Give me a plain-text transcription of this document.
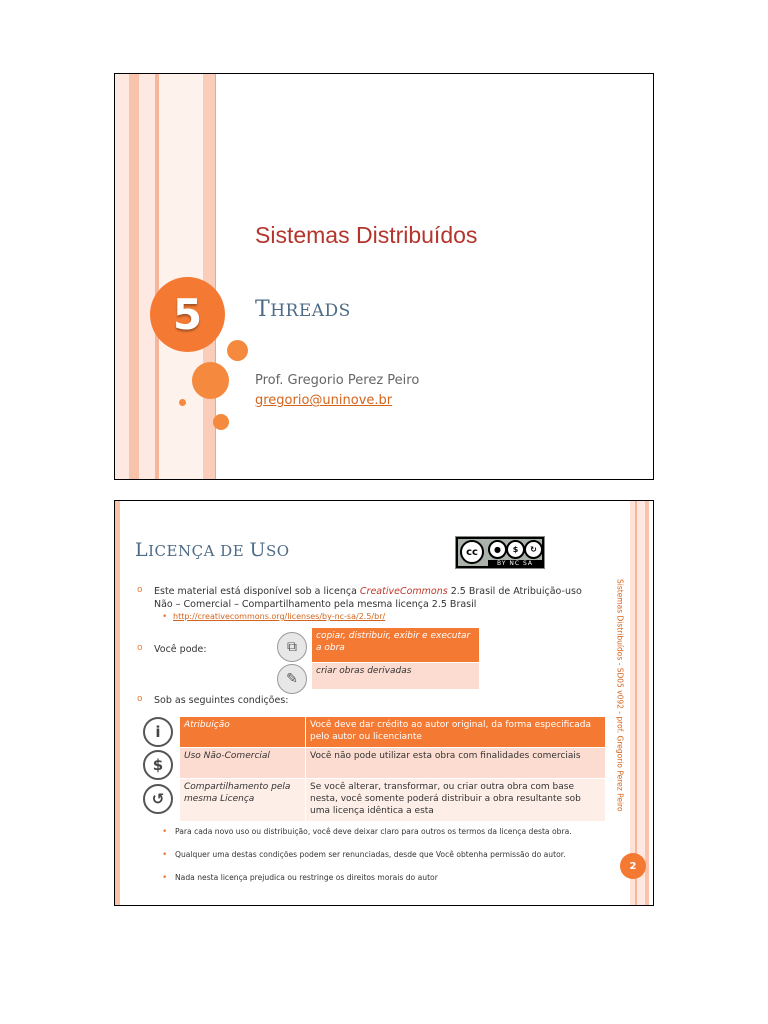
5
Sistemas Distribuídos
THREADS
Prof. Gregorio Perez Peiro
gregorio@uninove.br
LICENÇA DE USO	cc	●	$	↻
BY NC SA
o Este material está disponível sob a licença CreativeCommons 2.5 Brasil de Atribuição-uso Não – Comercial – Compartilhamento pela mesma licença 2.5 Brasil
• http://creativecommons.org/licenses/by-nc-sa/2.5/br/
o Você pode:	⧉
copiar, distribuir, exibir e executar a obra
✎	criar obras derivadas
o Sob as seguintes condições:
i
$
↺
Atribuição	Você deve dar crédito ao autor original, da forma especificada pelo autor ou licenciante
Uso Não-Comercial	Você não pode utilizar esta obra com finalidades comerciais
Compartilhamento pela mesma Licença	Se você alterar, transformar, ou criar outra obra com base nesta, você somente poderá distribuir a obra resultante sob uma licença idêntica a esta
• Para cada novo uso ou distribuição, você deve deixar claro para outros os termos da licença desta obra.
• Qualquer uma destas condições podem ser renunciadas, desde que Você obtenha permissão do autor.
• Nada nesta licença prejudica ou restringe os direitos morais do autor
Sistemas Distribuídos - SD05 v092 - prof. Gregorio Perez Peiro
2
